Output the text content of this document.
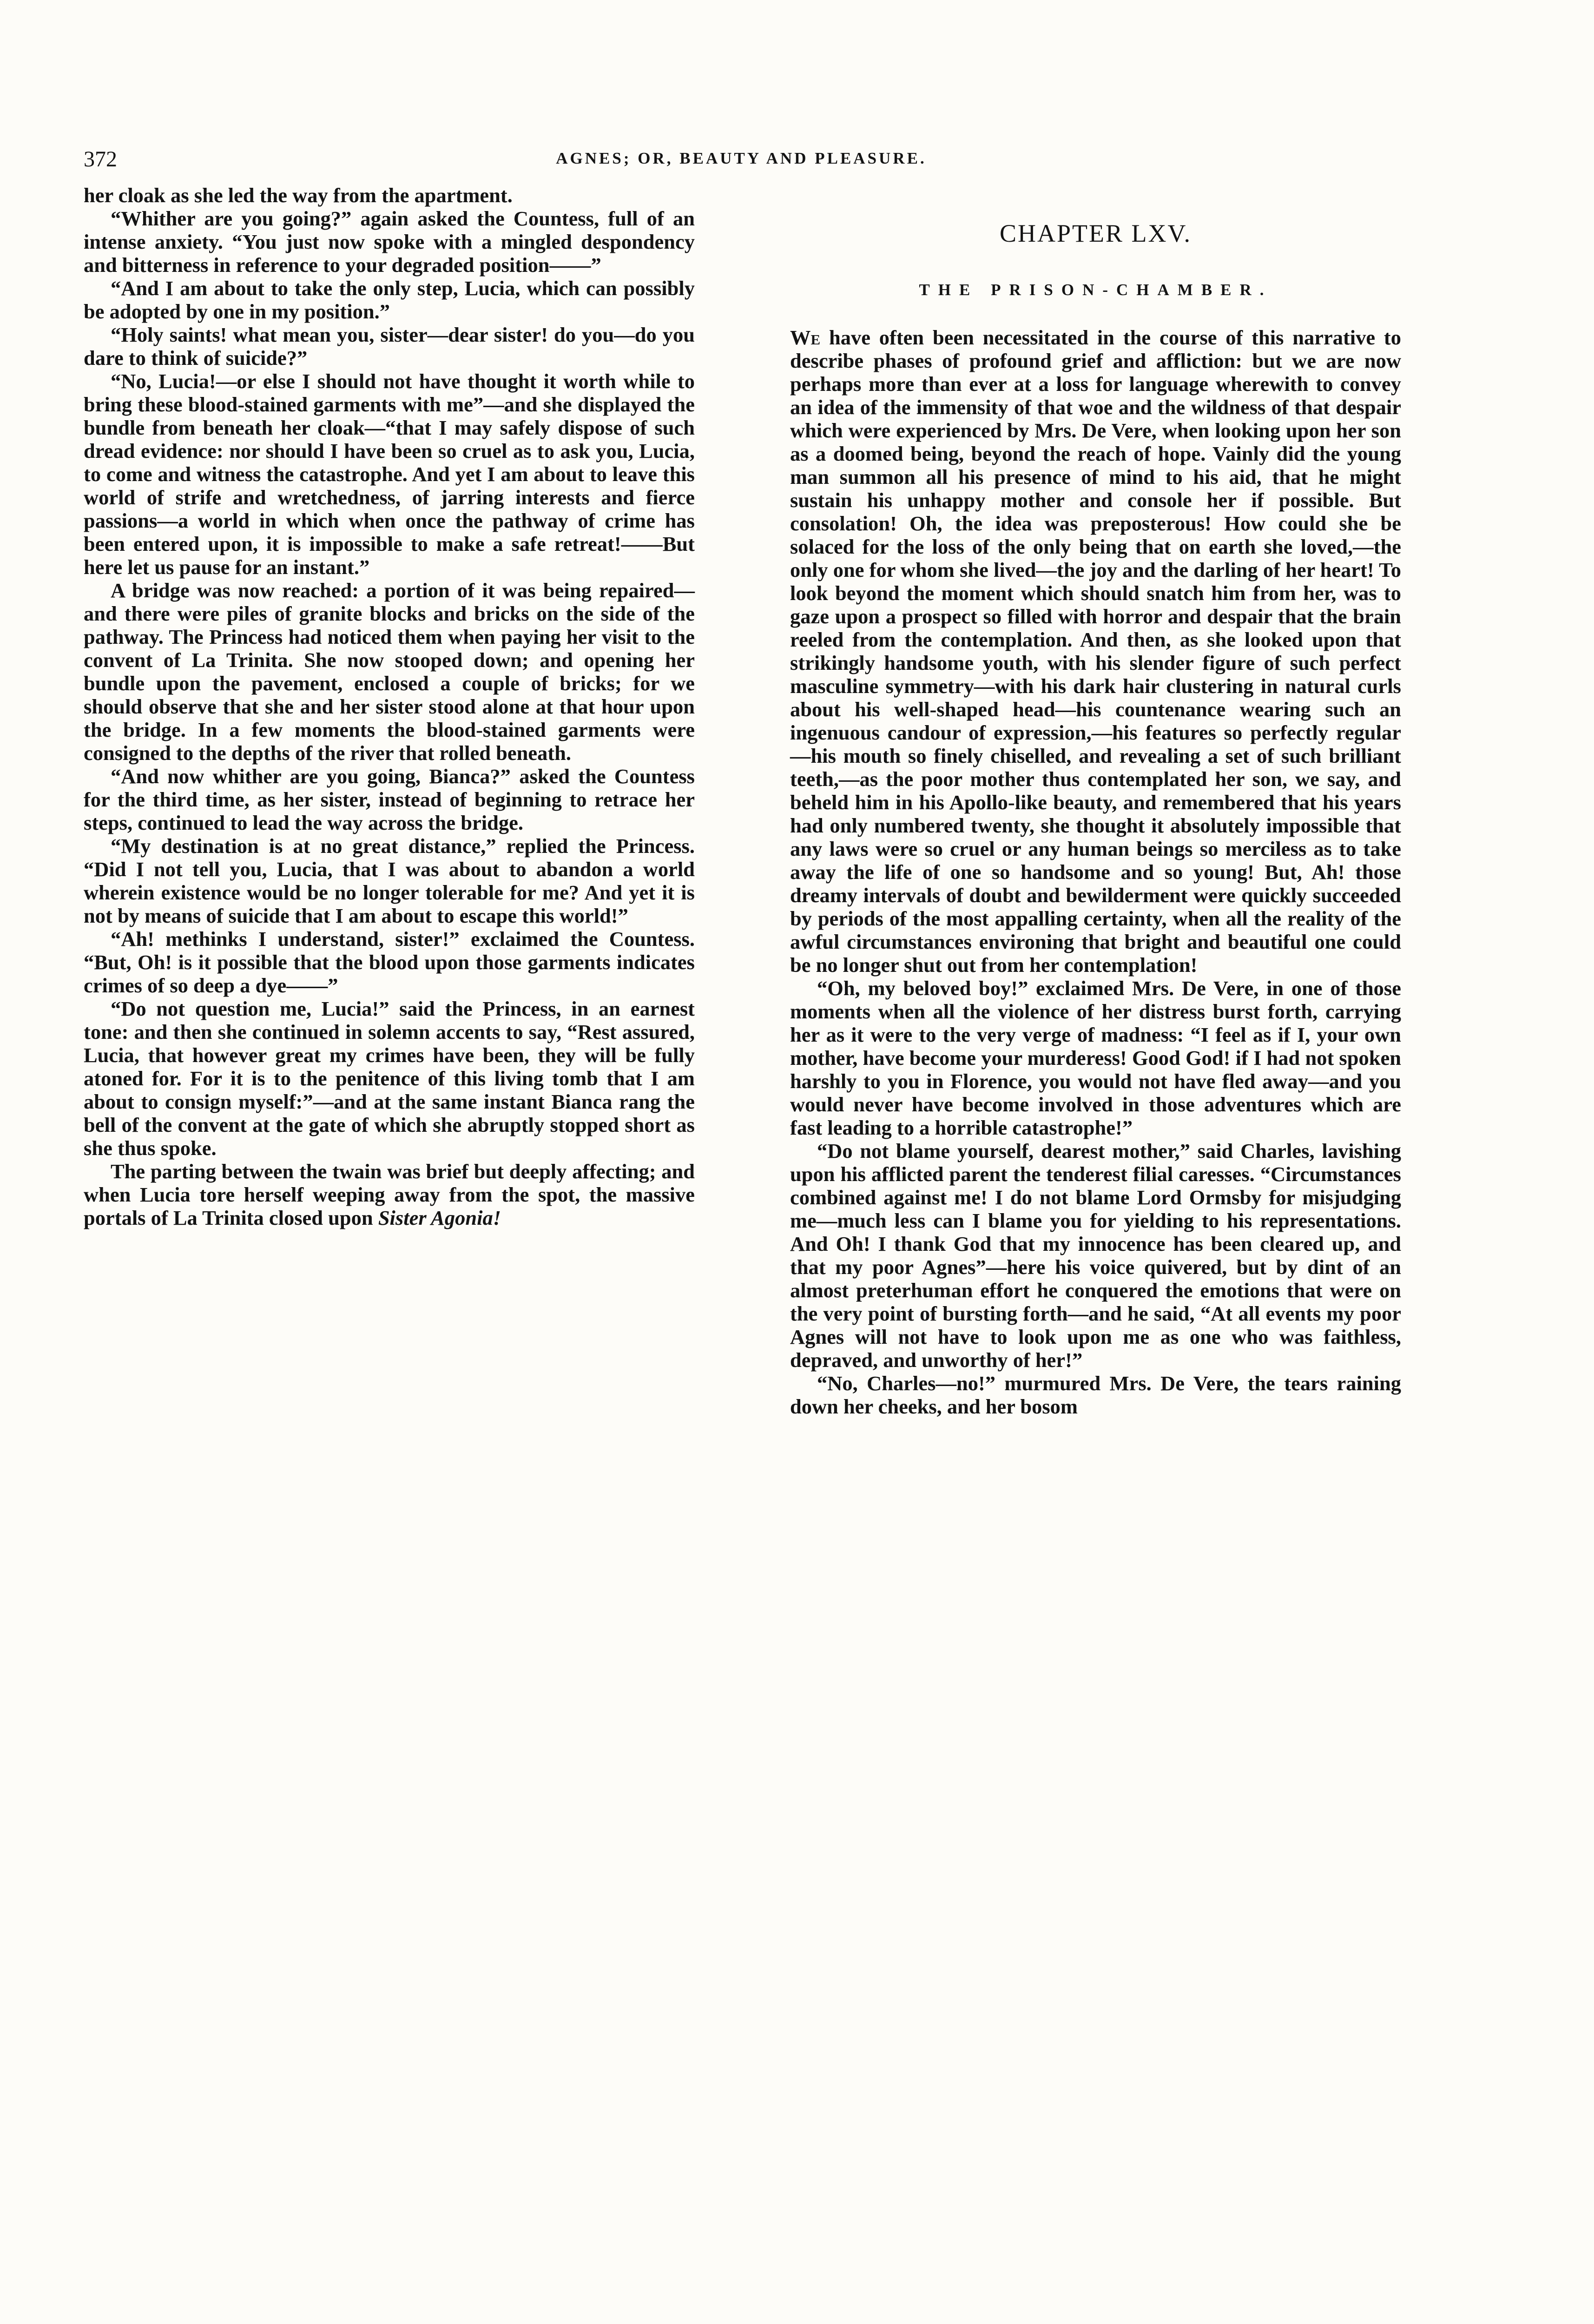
372	AGNES; OR, BEAUTY AND PLEASURE.

her cloak as she led the way from the apartment.

“Whither are you going?” again asked the Countess, full of an intense anxiety. “You just now spoke with a mingled despondency and bitterness in reference to your degraded position——”

“And I am about to take the only step, Lucia, which can possibly be adopted by one in my position.”

“Holy saints! what mean you, sister—dear sister! do you—do you dare to think of suicide?”

“No, Lucia!—or else I should not have thought it worth while to bring these blood-stained garments with me”—and she displayed the bundle from beneath her cloak—“that I may safely dispose of such dread evidence: nor should I have been so cruel as to ask you, Lucia, to come and witness the catastrophe. And yet I am about to leave this world of strife and wretchedness, of jarring interests and fierce passions—a world in which when once the pathway of crime has been entered upon, it is impossible to make a safe retreat!——But here let us pause for an instant.”

A bridge was now reached: a portion of it was being repaired—and there were piles of granite blocks and bricks on the side of the pathway. The Princess had noticed them when paying her visit to the convent of La Trinita. She now stooped down; and opening her bundle upon the pavement, enclosed a couple of bricks; for we should observe that she and her sister stood alone at that hour upon the bridge. In a few moments the blood-stained garments were consigned to the depths of the river that rolled beneath.

“And now whither are you going, Bianca?” asked the Countess for the third time, as her sister, instead of beginning to retrace her steps, continued to lead the way across the bridge.

“My destination is at no great distance,” replied the Princess. “Did I not tell you, Lucia, that I was about to abandon a world wherein existence would be no longer tolerable for me? And yet it is not by means of suicide that I am about to escape this world!”

“Ah! methinks I understand, sister!” exclaimed the Countess. “But, Oh! is it possible that the blood upon those garments indicates crimes of so deep a dye——”

“Do not question me, Lucia!” said the Princess, in an earnest tone: and then she continued in solemn accents to say, “Rest assured, Lucia, that however great my crimes have been, they will be fully atoned for. For it is to the penitence of this living tomb that I am about to consign myself:”—and at the same instant Bianca rang the bell of the convent at the gate of which she abruptly stopped short as she thus spoke.

The parting between the twain was brief but deeply affecting; and when Lucia tore herself weeping away from the spot, the massive portals of La Trinita closed upon Sister Agonia!

CHAPTER LXV.
THE PRISON-CHAMBER.

We have often been necessitated in the course of this narrative to describe phases of profound grief and affliction: but we are now perhaps more than ever at a loss for language wherewith to convey an idea of the immensity of that woe and the wildness of that despair which were experienced by Mrs. De Vere, when looking upon her son as a doomed being, beyond the reach of hope. Vainly did the young man summon all his presence of mind to his aid, that he might sustain his unhappy mother and console her if possible. But consolation! Oh, the idea was preposterous! How could she be solaced for the loss of the only being that on earth she loved,—the only one for whom she lived—the joy and the darling of her heart! To look beyond the moment which should snatch him from her, was to gaze upon a prospect so filled with horror and despair that the brain reeled from the contemplation. And then, as she looked upon that strikingly handsome youth, with his slender figure of such perfect masculine symmetry—with his dark hair clustering in natural curls about his well-shaped head—his countenance wearing such an ingenuous candour of expression,—his features so perfectly regular—his mouth so finely chiselled, and revealing a set of such brilliant teeth,—as the poor mother thus contemplated her son, we say, and beheld him in his Apollo-like beauty, and remembered that his years had only numbered twenty, she thought it absolutely impossible that any laws were so cruel or any human beings so merciless as to take away the life of one so handsome and so young! But, Ah! those dreamy intervals of doubt and bewilderment were quickly succeeded by periods of the most appalling certainty, when all the reality of the awful circumstances environing that bright and beautiful one could be no longer shut out from her contemplation!

“Oh, my beloved boy!” exclaimed Mrs. De Vere, in one of those moments when all the violence of her distress burst forth, carrying her as it were to the very verge of madness: “I feel as if I, your own mother, have become your murderess! Good God! if I had not spoken harshly to you in Florence, you would not have fled away—and you would never have become involved in those adventures which are fast leading to a horrible catastrophe!”

“Do not blame yourself, dearest mother,” said Charles, lavishing upon his afflicted parent the tenderest filial caresses. “Circumstances combined against me! I do not blame Lord Ormsby for misjudging me—much less can I blame you for yielding to his representations. And Oh! I thank God that my innocence has been cleared up, and that my poor Agnes”—here his voice quivered, but by dint of an almost preterhuman effort he conquered the emotions that were on the very point of bursting forth—and he said, “At all events my poor Agnes will not have to look upon me as one who was faithless, depraved, and unworthy of her!”

“No, Charles—no!” murmured Mrs. De Vere, the tears raining down her cheeks, and her bosom
